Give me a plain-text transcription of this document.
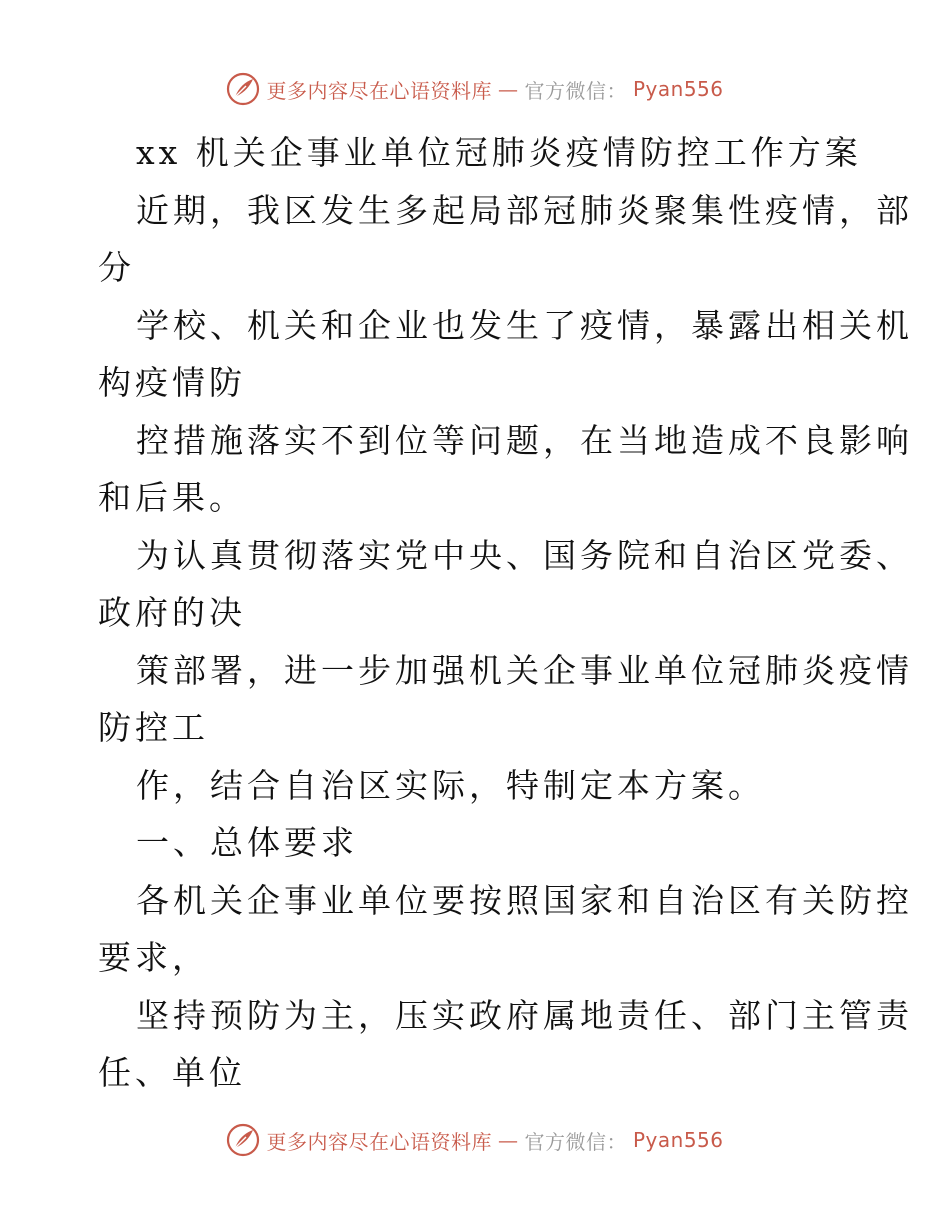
更多内容尽在心语资料库 — 官方微信： Pyan556
xx 机关企事业单位冠肺炎疫情防控工作方案
近期，我区发生多起局部冠肺炎聚集性疫情，部
分
学校、机关和企业也发生了疫情，暴露出相关机
构疫情防
控措施落实不到位等问题，在当地造成不良影响
和后果。
为认真贯彻落实党中央、国务院和自治区党委、
政府的决
策部署，进一步加强机关企事业单位冠肺炎疫情
防控工
作，结合自治区实际，特制定本方案。
一、总体要求
各机关企事业单位要按照国家和自治区有关防控
要求，
坚持预防为主，压实政府属地责任、部门主管责
任、单位
更多内容尽在心语资料库 — 官方微信： Pyan556
